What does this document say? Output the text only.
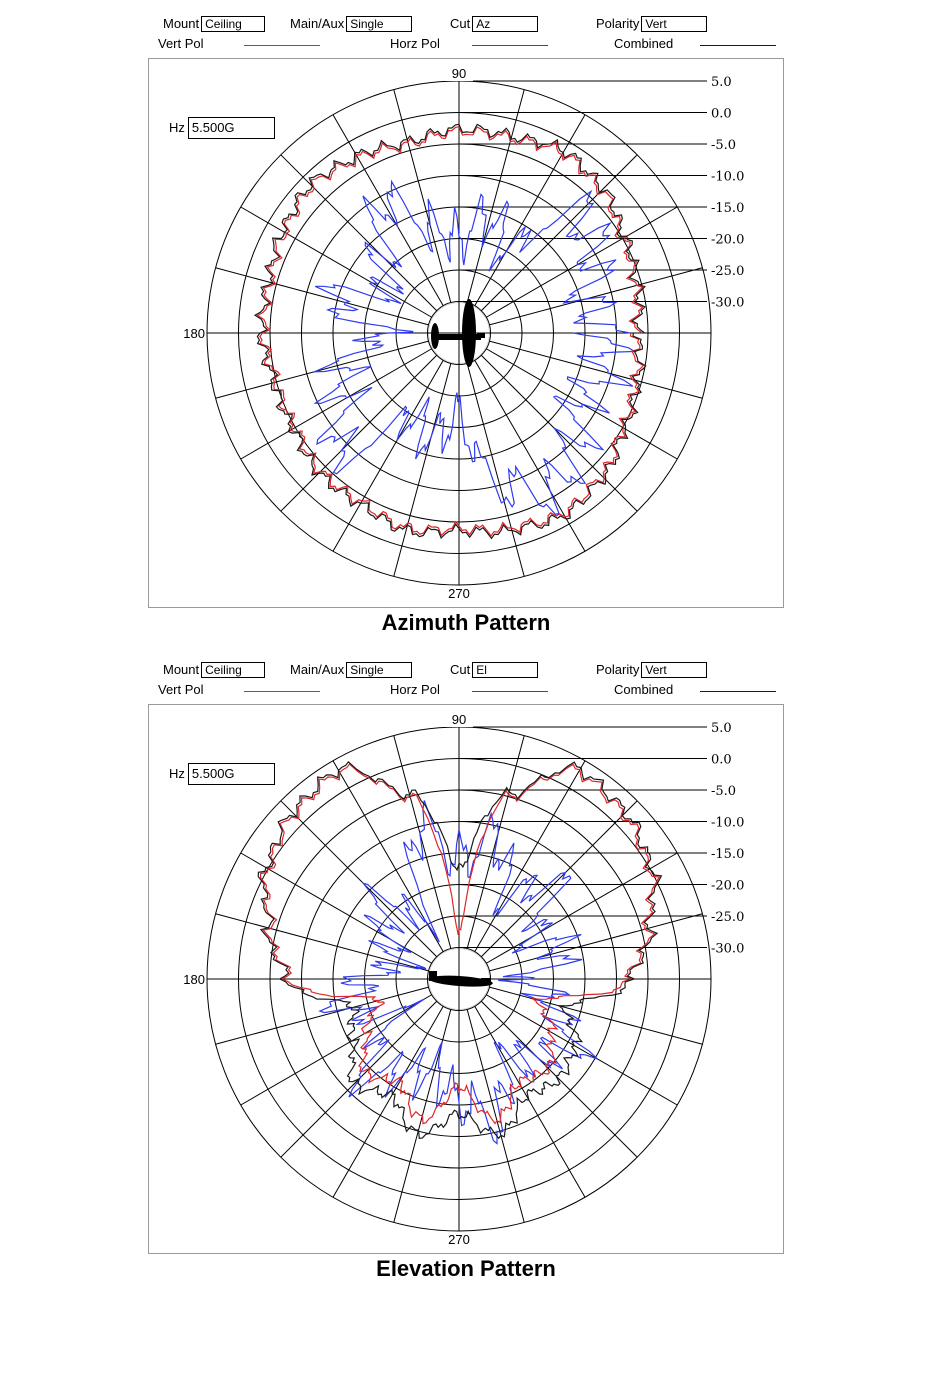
Mount Ceiling	Main/Aux Single	Cut Az	Polarity Vert
Vert Pol	Horz Pol	Combined
5.0
0.0
-5.0
-10.0
-15.0
-20.0
-25.0
-30.0
90
180
270
Hz 5.500G
Azimuth Pattern
Mount Ceiling	Main/Aux Single	Cut El	Polarity Vert
Vert Pol	Horz Pol	Combined
5.0
0.0
-5.0
-10.0
-15.0
-20.0
-25.0
-30.0
90
180
270
Hz 5.500G
Elevation Pattern
